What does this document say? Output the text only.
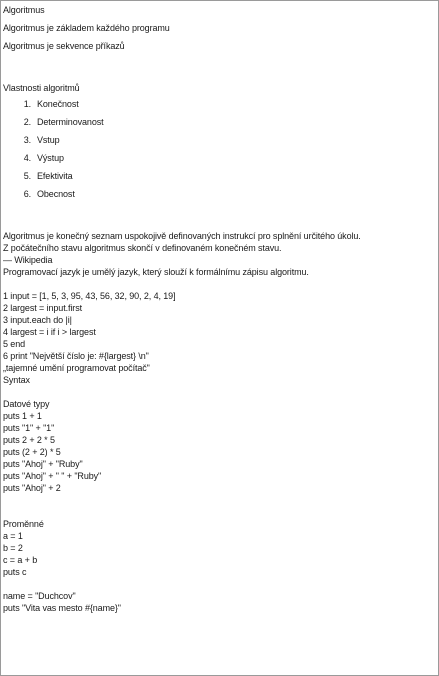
Algoritmus
Algoritmus je základem každého programu
Algoritmus je sekvence příkazů
Vlastnosti algoritmů
1. Konečnost
2. Determinovanost
3. Vstup
4. Výstup
5. Efektivita
6. Obecnost
Algoritmus je konečný seznam uspokojivě definovaných instrukcí pro splnění určitého úkolu.
Z počátečního stavu algoritmus skončí v definovaném konečném stavu.
— Wikipedia
Programovací jazyk je umělý jazyk, který slouží k formálnímu zápisu algoritmu.
1 input = [1, 5, 3, 95, 43, 56, 32, 90, 2, 4, 19]
2 largest = input.first
3 input.each do |i|
4 largest = i if i > largest
5 end
6 print "Největší číslo je: #{largest} \n"
„tajemné umění programovat počítač"
Syntax
Datové typy
puts 1 + 1
puts "1" + "1"
puts 2 + 2 * 5
puts (2 + 2) * 5
puts "Ahoj" + "Ruby"
puts "Ahoj" + " " + "Ruby"
puts "Ahoj" + 2
Proměnné
a = 1
b = 2
c = a + b
puts c
name = "Duchcov"
puts "Vita vas mesto #{name}"
